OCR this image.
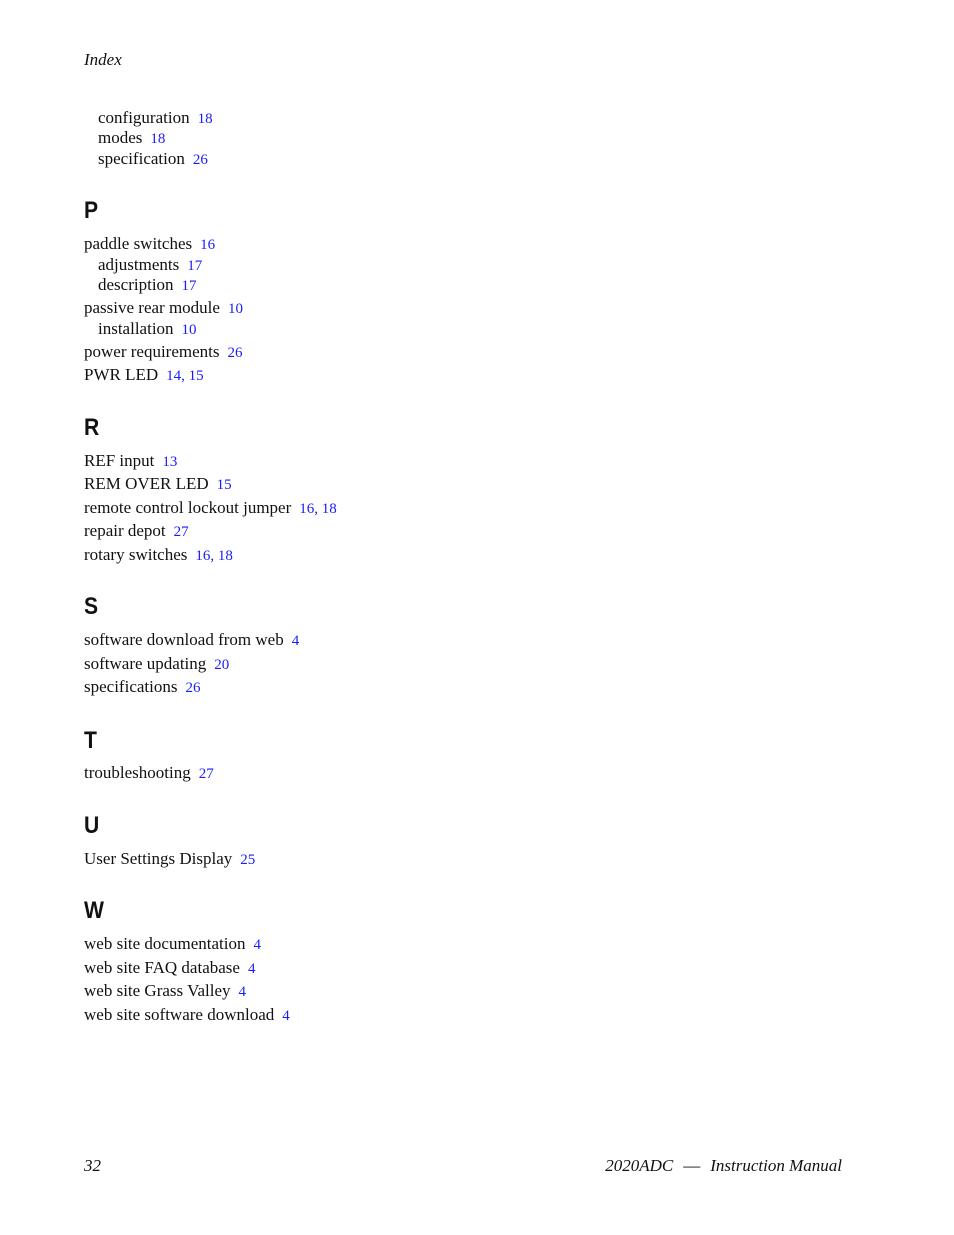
Index
configuration 18
modes 18
specification 26
P
paddle switches 16
adjustments 17
description 17
passive rear module 10
installation 10
power requirements 26
PWR LED 14, 15
R
REF input 13
REM OVER LED 15
remote control lockout jumper 16, 18
repair depot 27
rotary switches 16, 18
S
software download from web 4
software updating 20
specifications 26
T
troubleshooting 27
U
User Settings Display 25
W
web site documentation 4
web site FAQ database 4
web site Grass Valley 4
web site software download 4
32	2020ADC — Instruction Manual
